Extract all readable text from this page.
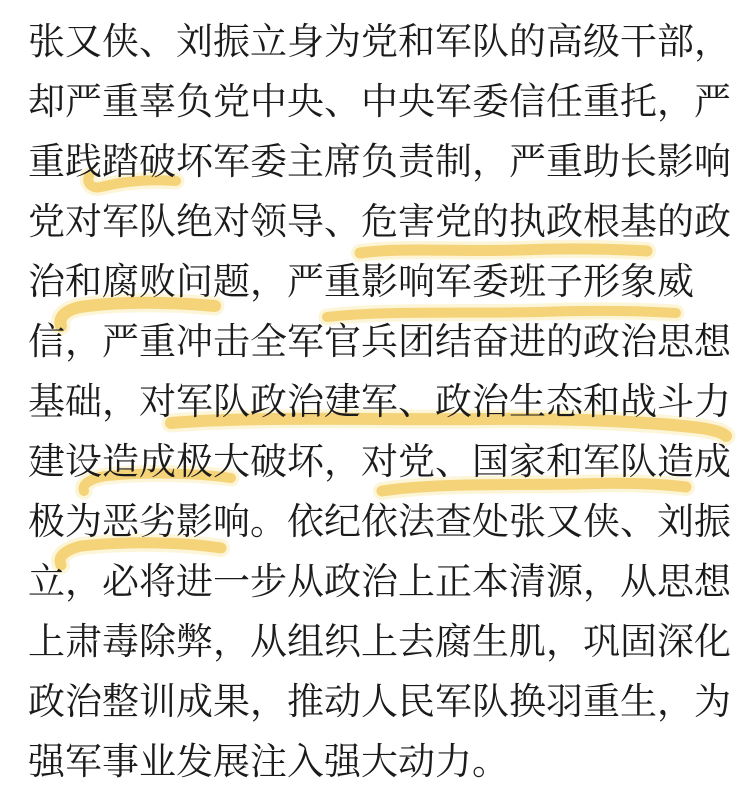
张又侠、刘振立身为党和军队的高级干部，
却严重辜负党中央、中央军委信任重托，严
重践踏破坏军委主席负责制，严重助长影响
党对军队绝对领导、危害党的执政根基的政
治和腐败问题，严重影响军委班子形象威
信，严重冲击全军官兵团结奋进的政治思想
基础，对军队政治建军、政治生态和战斗力
建设造成极大破坏，对党、国家和军队造成
极为恶劣影响。依纪依法查处张又侠、刘振
立，必将进一步从政治上正本清源，从思想
上肃毒除弊，从组织上去腐生肌，巩固深化
政治整训成果，推动人民军队换羽重生，为
强军事业发展注入强大动力。
